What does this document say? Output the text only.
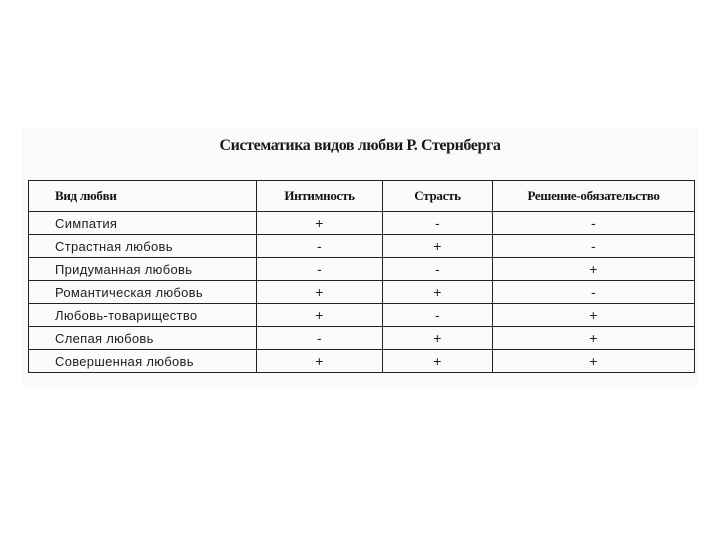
Систематика видов любви Р. Стернберга
Вид любви	Интимность	Страсть	Решение-обязательство
Симпатия	+	-	-
Страстная любовь	-	+	-
Придуманная любовь	-	-	+
Романтическая любовь	+	+	-
Любовь-товарищество	+	-	+
Слепая любовь	-	+	+
Совершенная любовь	+	+	+
